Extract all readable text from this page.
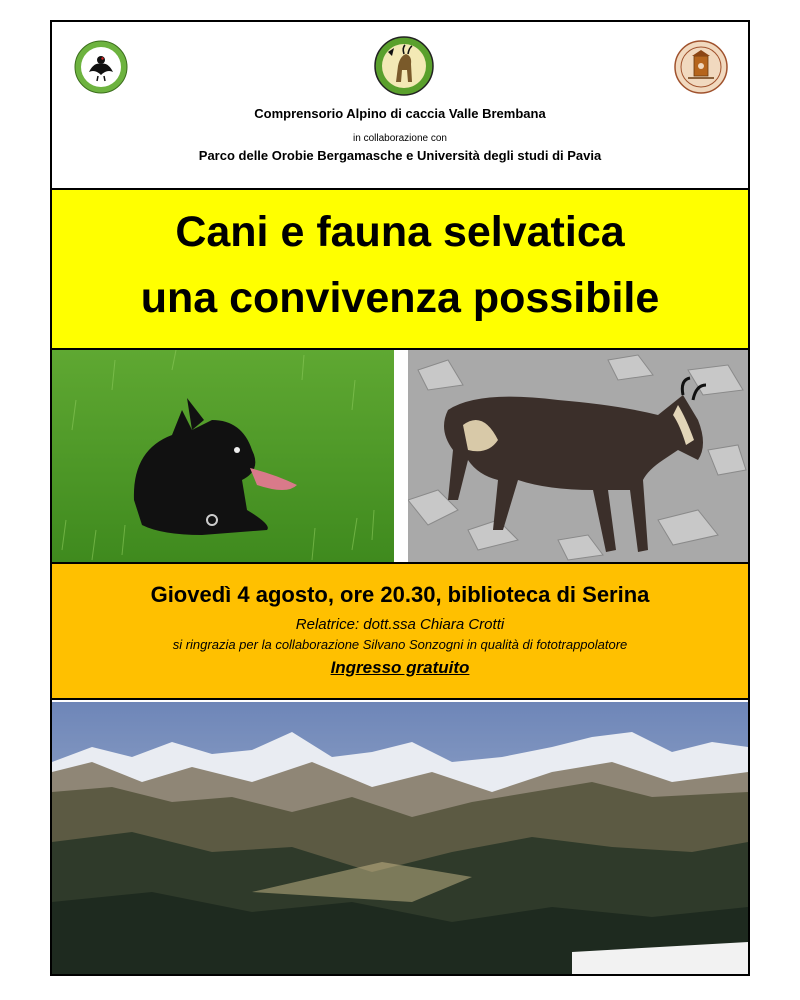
Comprensorio Alpino di caccia Valle Brembana
in collaborazione con
Parco delle Orobie Bergamasche e Università degli studi di Pavia
Cani e fauna selvatica
una convivenza possibile
Giovedì 4 agosto, ore 20.30, biblioteca di Serina
Relatrice: dott.ssa Chiara Crotti
si ringrazia per la collaborazione Silvano Sonzogni in qualità di fototrappolatore
Ingresso gratuito
